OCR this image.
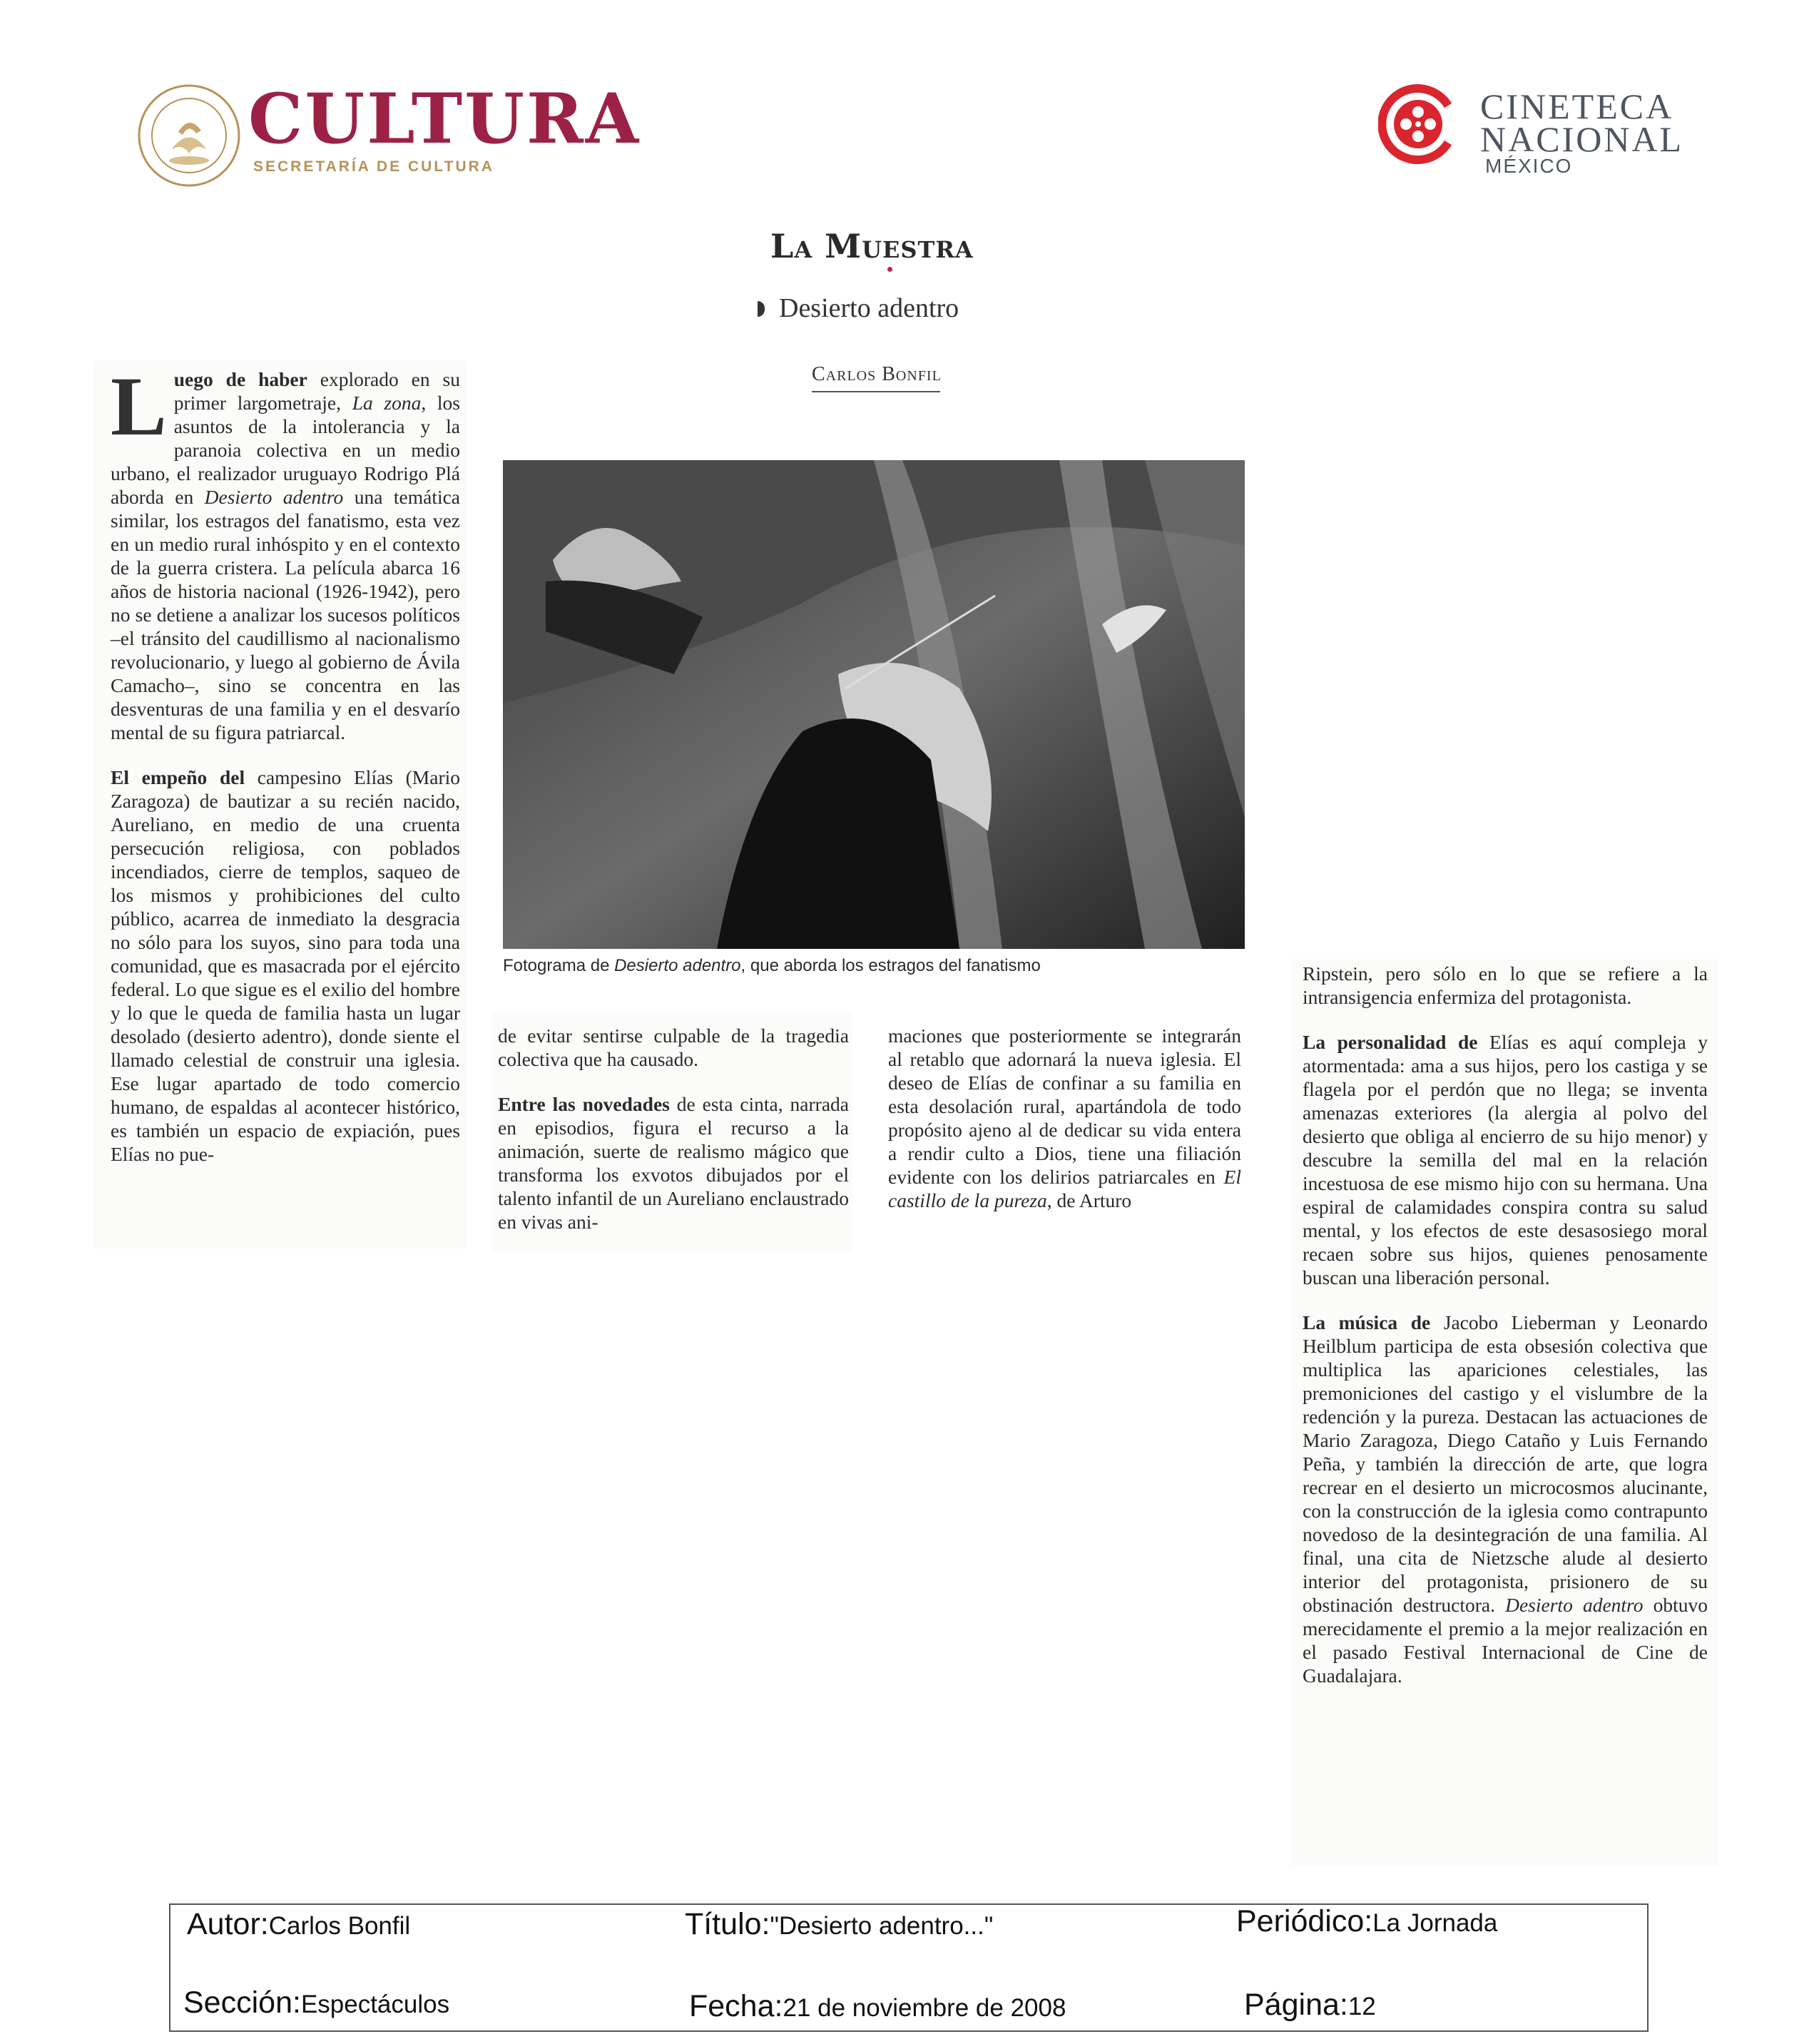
CULTURA
SECRETARÍA DE CULTURA
CINETECA
NACIONAL
MÉXICO
La Muestra
Desierto adentro
Carlos Bonfil
Fotograma de Desierto adentro, que aborda los estragos del fanatismo

Luego de haber explorado en su primer largometraje, La zona, los asuntos de la intolerancia y la paranoia colectiva en un medio urbano, el realizador uruguayo Rodrigo Plá aborda en Desierto adentro una temática similar, los estragos del fanatismo, esta vez en un medio rural inhóspito y en el contexto de la guerra cristera. La película abarca 16 años de historia nacional (1926-1942), pero no se detiene a analizar los sucesos políticos –el tránsito del caudillismo al nacionalismo revolucionario, y luego al gobierno de Ávila Camacho–, sino se concentra en las desventuras de una familia y en el desvarío mental de su figura patriarcal.

El empeño del campesino Elías (Mario Zaragoza) de bautizar a su recién nacido, Aureliano, en medio de una cruenta persecución religiosa, con poblados incendiados, cierre de templos, saqueo de los mismos y prohibiciones del culto público, acarrea de inmediato la desgracia no sólo para los suyos, sino para toda una comunidad, que es masacrada por el ejército federal. Lo que sigue es el exilio del hombre y lo que le queda de familia hasta un lugar desolado (desierto adentro), donde siente el llamado celestial de construir una iglesia. Ese lugar apartado de todo comercio humano, de espaldas al acontecer histórico, es también un espacio de expiación, pues Elías no pue-

de evitar sentirse culpable de la tragedia colectiva que ha causado.

Entre las novedades de esta cinta, narrada en episodios, figura el recurso a la animación, suerte de realismo mágico que transforma los exvotos dibujados por el talento infantil de un Aureliano enclaustrado en vivas ani-

maciones que posteriormente se integrarán al retablo que adornará la nueva iglesia. El deseo de Elías de confinar a su familia en esta desolación rural, apartándola de todo propósito ajeno al de dedicar su vida entera a rendir culto a Dios, tiene una filiación evidente con los delirios patriarcales en El castillo de la pureza, de Arturo

Ripstein, pero sólo en lo que se refiere a la intransigencia enfermiza del protagonista.

La personalidad de Elías es aquí compleja y atormentada: ama a sus hijos, pero los castiga y se flagela por el perdón que no llega; se inventa amenazas exteriores (la alergia al polvo del desierto que obliga al encierro de su hijo menor) y descubre la semilla del mal en la relación incestuosa de ese mismo hijo con su hermana. Una espiral de calamidades conspira contra su salud mental, y los efectos de este desasosiego moral recaen sobre sus hijos, quienes penosamente buscan una liberación personal.

La música de Jacobo Lieberman y Leonardo Heilblum participa de esta obsesión colectiva que multiplica las apariciones celestiales, las premoniciones del castigo y el vislumbre de la redención y la pureza. Destacan las actuaciones de Mario Zaragoza, Diego Cataño y Luis Fernando Peña, y también la dirección de arte, que logra recrear en el desierto un microcosmos alucinante, con la construcción de la iglesia como contrapunto novedoso de la desintegración de una familia. Al final, una cita de Nietzsche alude al desierto interior del protagonista, prisionero de su obstinación destructora. Desierto adentro obtuvo merecidamente el premio a la mejor realización en el pasado Festival Internacional de Cine de Guadalajara.

Autor:Carlos Bonfil	Título:"Desierto adentro..."	Periódico:La Jornada
Sección:Espectáculos	Fecha:21 de noviembre de 2008	Página:12
